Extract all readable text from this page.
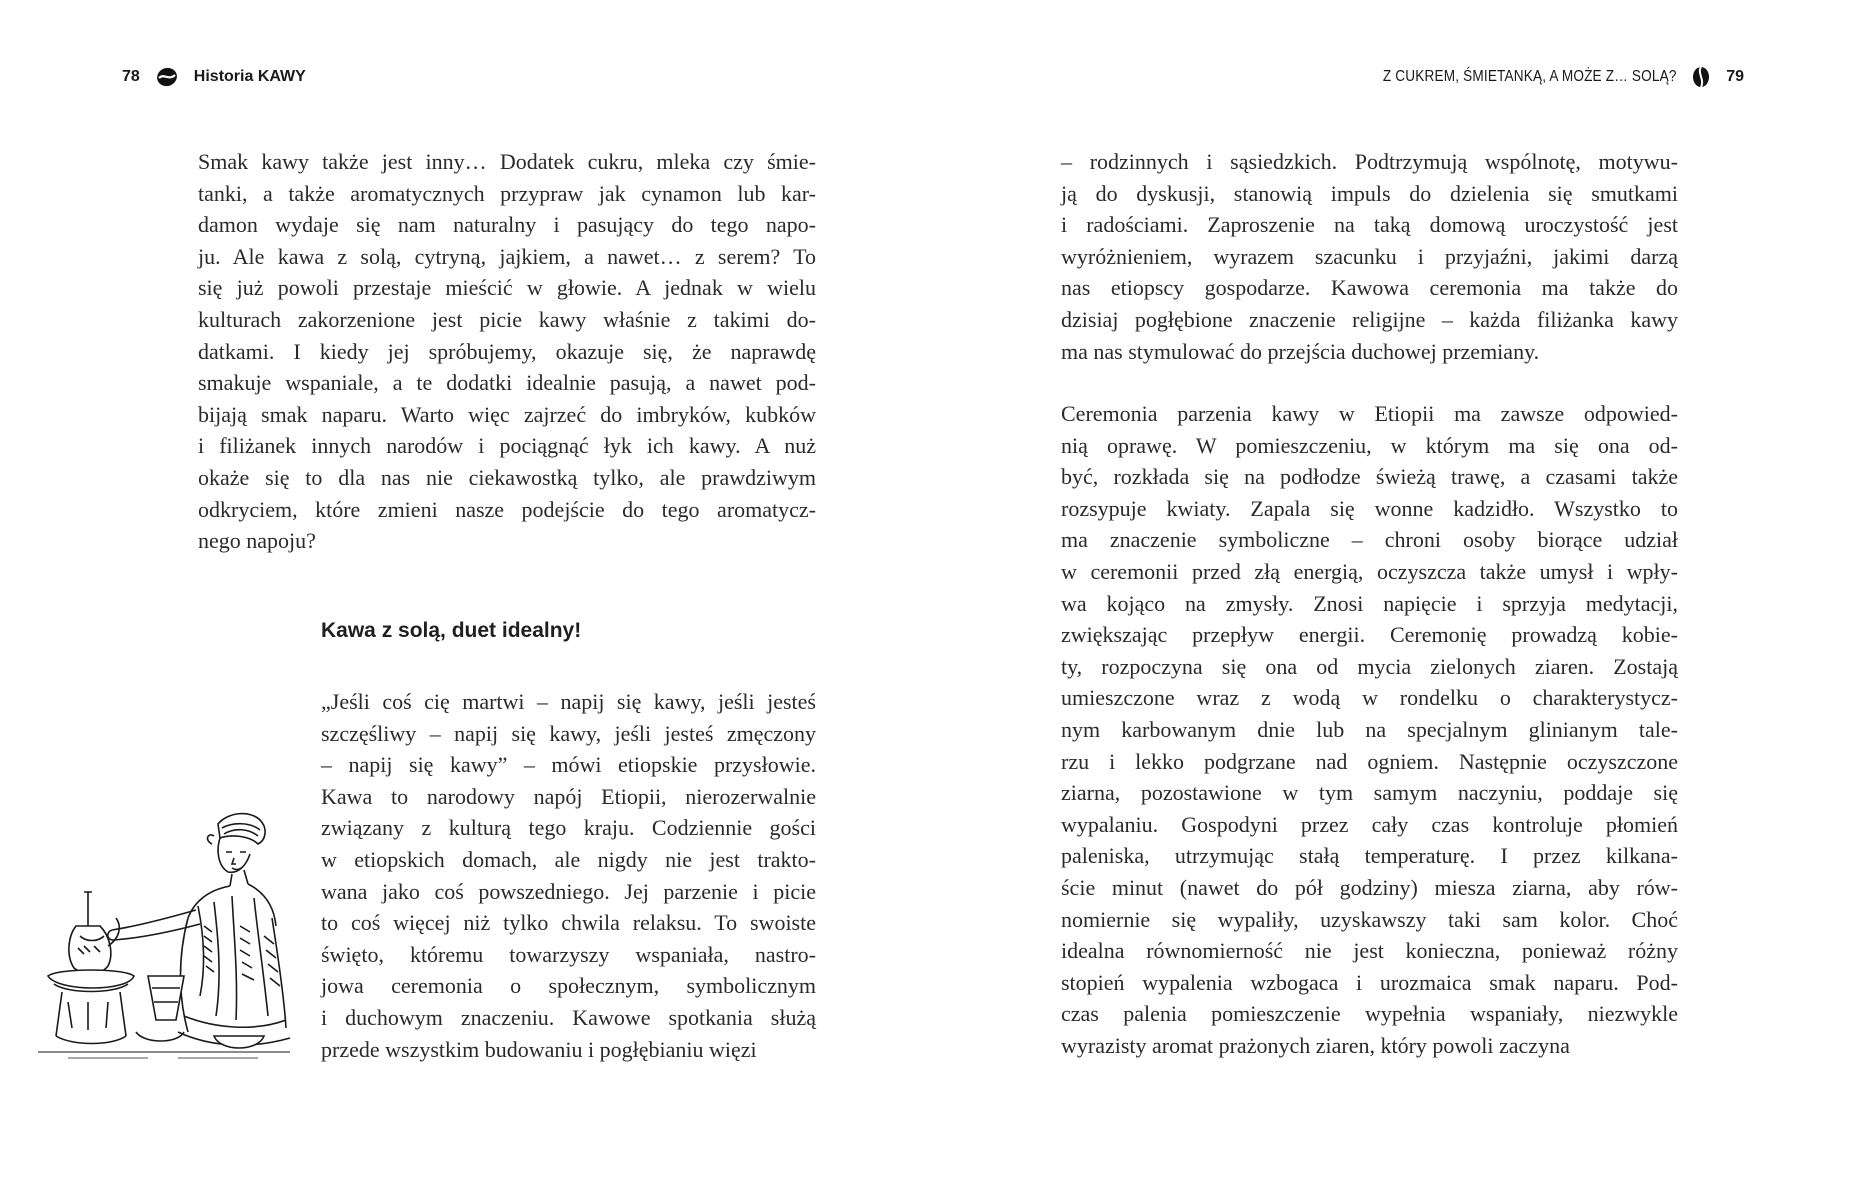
78	Historia KAWY
Smak kawy także jest inny… Dodatek cukru, mleka czy śmie-
tanki, a także aromatycznych przypraw jak cynamon lub kar-
damon wydaje się nam naturalny i pasujący do tego napo-
ju. Ale kawa z solą, cytryną, jajkiem, a nawet… z serem? To
się już powoli przestaje mieścić w głowie. A jednak w wielu
kulturach zakorzenione jest picie kawy właśnie z takimi do-
datkami. I kiedy jej spróbujemy, okazuje się, że naprawdę
smakuje wspaniale, a te dodatki idealnie pasują, a nawet pod-
bijają smak naparu. Warto więc zajrzeć do imbryków, kubków
i filiżanek innych narodów i pociągnąć łyk ich kawy. A nuż
okaże się to dla nas nie ciekawostką tylko, ale prawdziwym
odkryciem, które zmieni nasze podejście do tego aromatycz-
nego napoju?
Kawa z solą, duet idealny!
„Jeśli coś cię martwi – napij się kawy, jeśli jesteś
szczęśliwy – napij się kawy, jeśli jesteś zmęczony
– napij się kawy” – mówi etiopskie przysłowie.
Kawa to narodowy napój Etiopii, nierozerwalnie
związany z kulturą tego kraju. Codziennie gości
w etiopskich domach, ale nigdy nie jest trakto-
wana jako coś powszedniego. Jej parzenie i picie
to coś więcej niż tylko chwila relaksu. To swoiste
święto, któremu towarzyszy wspaniała, nastro-
jowa ceremonia o społecznym, symbolicznym
i duchowym znaczeniu. Kawowe spotkania służą
przede wszystkim budowaniu i pogłębianiu więzi
Z CUKREM, ŚMIETANKĄ, A MOŻE Z… SOLĄ?	79
– rodzinnych i sąsiedzkich. Podtrzymują wspólnotę, motywu-
ją do dyskusji, stanowią impuls do dzielenia się smutkami
i radościami. Zaproszenie na taką domową uroczystość jest
wyróżnieniem, wyrazem szacunku i przyjaźni, jakimi darzą
nas etiopscy gospodarze. Kawowa ceremonia ma także do
dzisiaj pogłębione znaczenie religijne – każda filiżanka kawy
ma nas stymulować do przejścia duchowej przemiany.
Ceremonia parzenia kawy w Etiopii ma zawsze odpowied-
nią oprawę. W pomieszczeniu, w którym ma się ona od-
być, rozkłada się na podłodze świeżą trawę, a czasami także
rozsypuje kwiaty. Zapala się wonne kadzidło. Wszystko to
ma znaczenie symboliczne – chroni osoby biorące udział
w ceremonii przed złą energią, oczyszcza także umysł i wpły-
wa kojąco na zmysły. Znosi napięcie i sprzyja medytacji,
zwiększając przepływ energii. Ceremonię prowadzą kobie-
ty, rozpoczyna się ona od mycia zielonych ziaren. Zostają
umieszczone wraz z wodą w rondelku o charakterystycz-
nym karbowanym dnie lub na specjalnym glinianym tale-
rzu i lekko podgrzane nad ogniem. Następnie oczyszczone
ziarna, pozostawione w tym samym naczyniu, poddaje się
wypalaniu. Gospodyni przez cały czas kontroluje płomień
paleniska, utrzymując stałą temperaturę. I przez kilkana-
ście minut (nawet do pół godziny) miesza ziarna, aby rów-
nomiernie się wypaliły, uzyskawszy taki sam kolor. Choć
idealna równomierność nie jest konieczna, ponieważ różny
stopień wypalenia wzbogaca i urozmaica smak naparu. Pod-
czas palenia pomieszczenie wypełnia wspaniały, niezwykle
wyrazisty aromat prażonych ziaren, który powoli zaczyna
